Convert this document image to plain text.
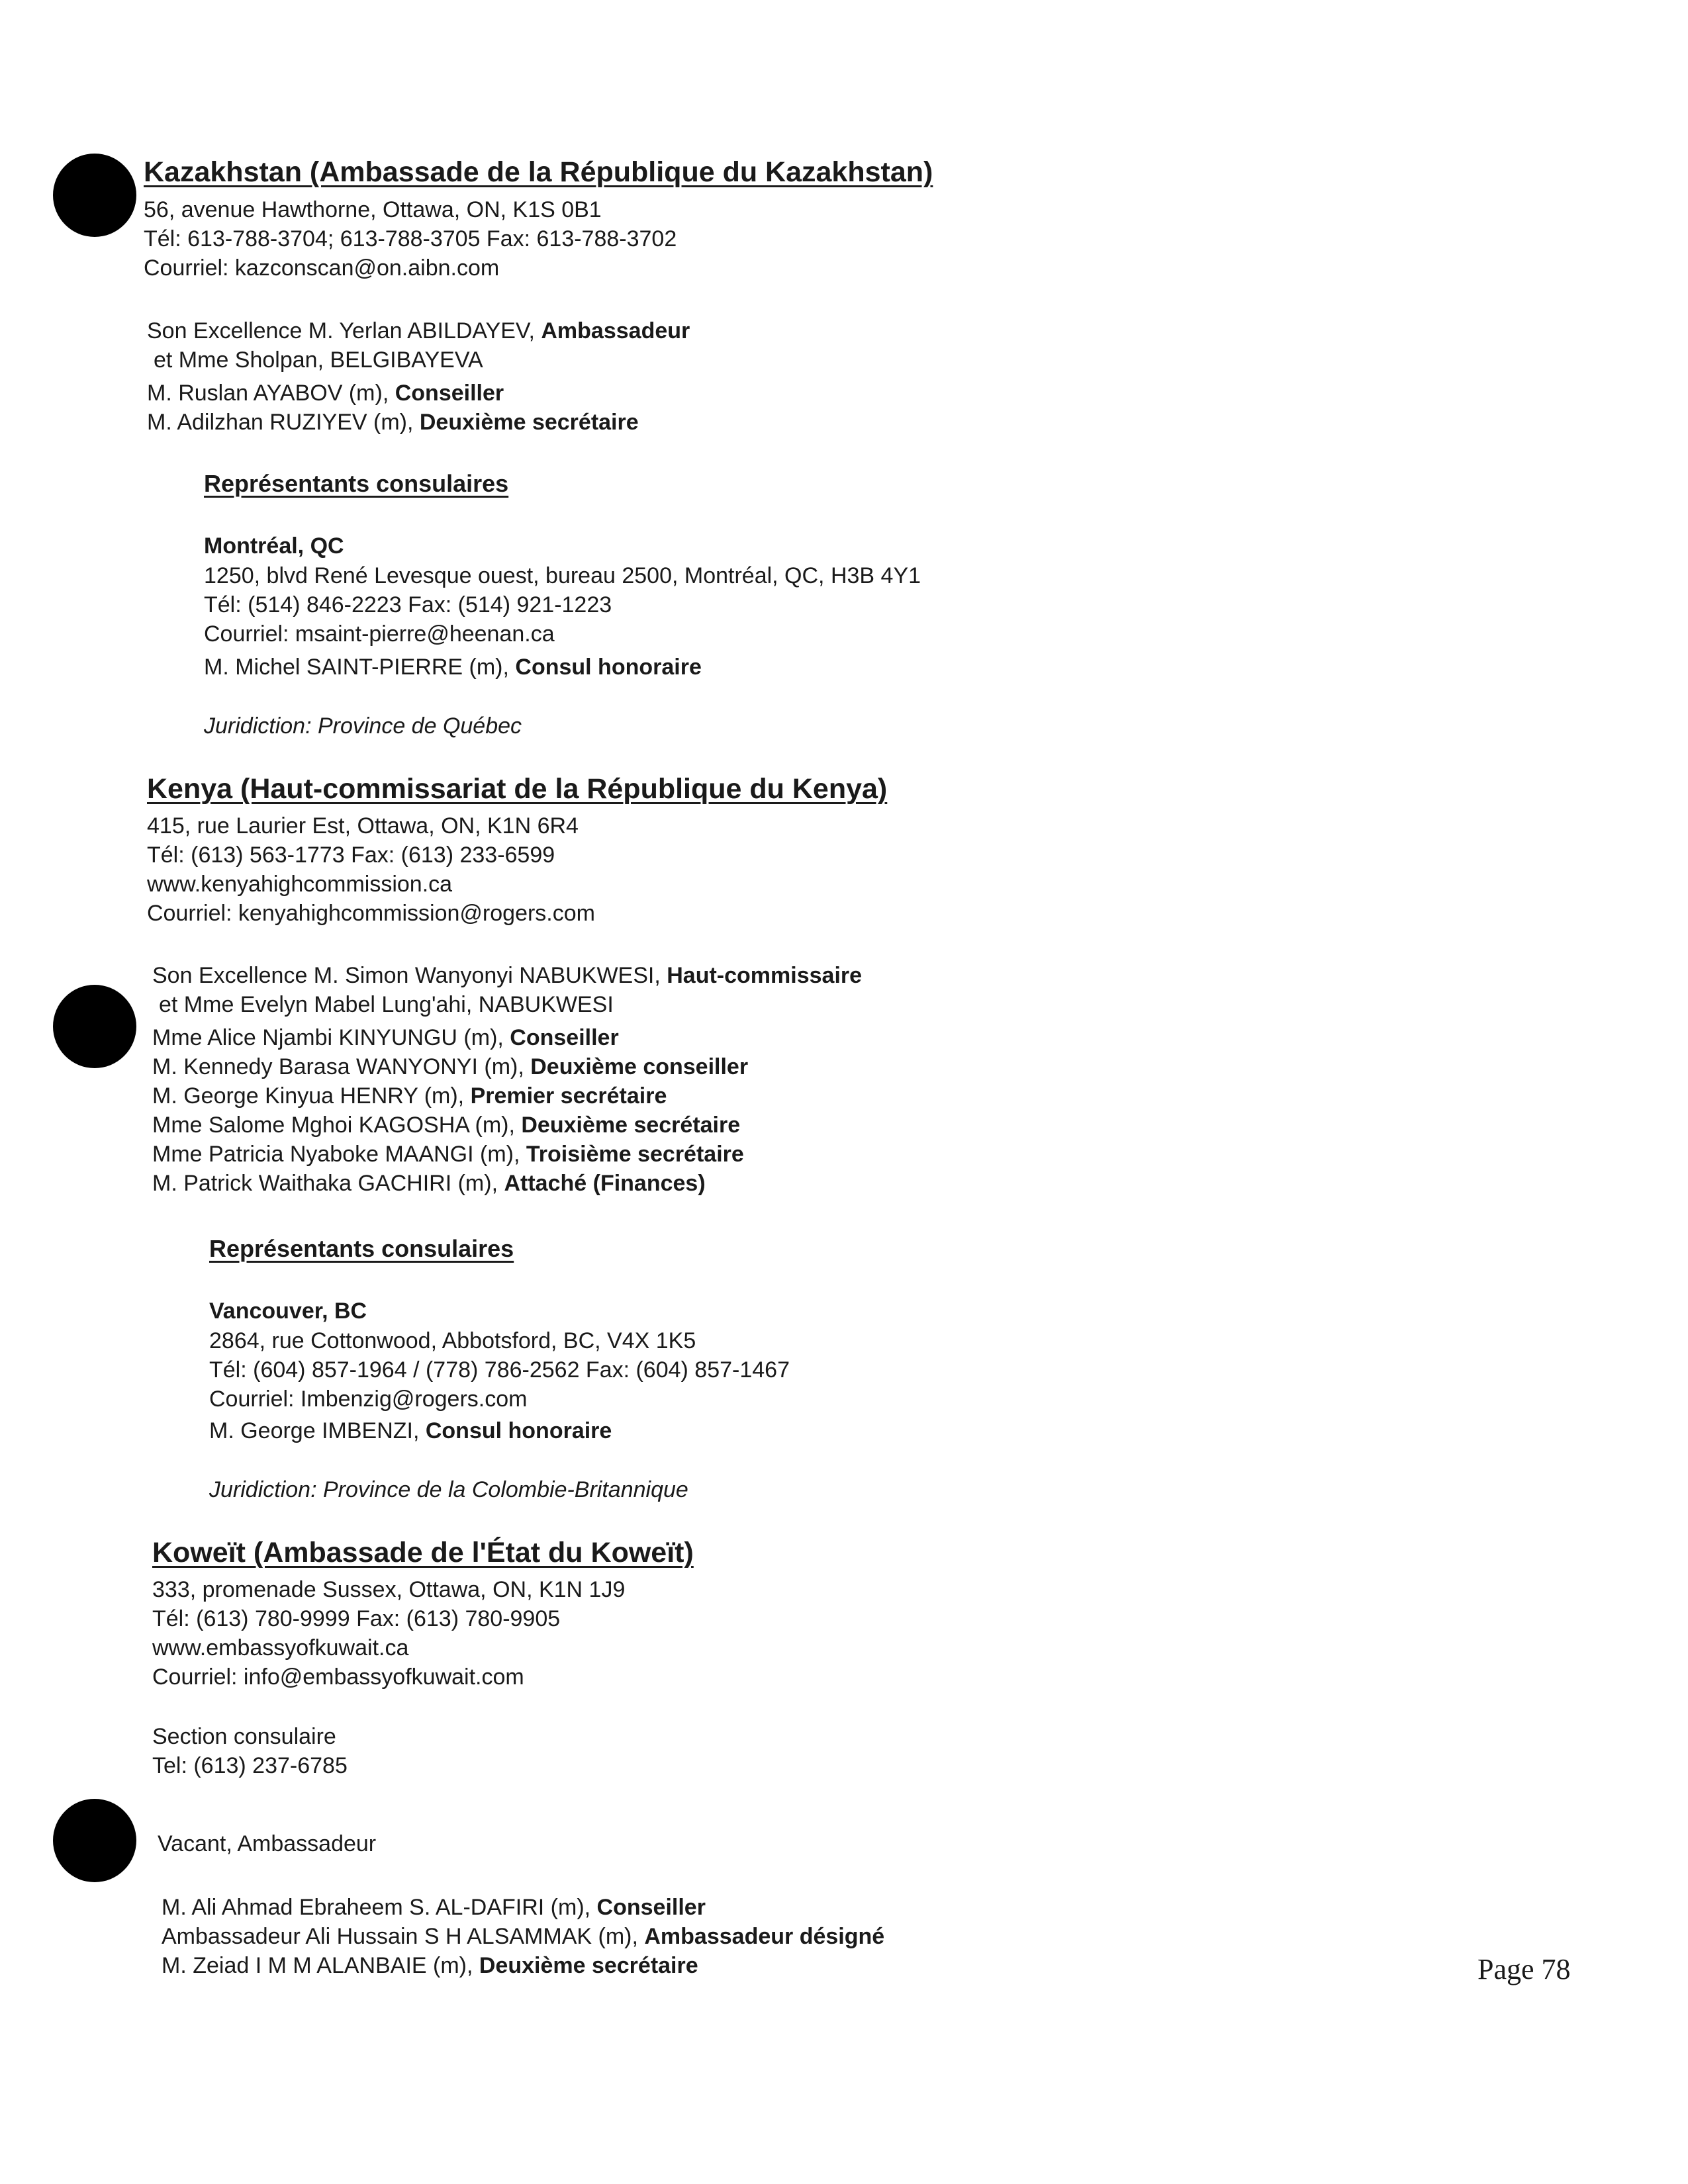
Kazakhstan (Ambassade de la République du Kazakhstan)
56, avenue Hawthorne, Ottawa, ON, K1S 0B1
Tél: 613-788-3704; 613-788-3705 Fax: 613-788-3702
Courriel: kazconscan@on.aibn.com
Son Excellence M. Yerlan ABILDAYEV, Ambassadeur
et Mme Sholpan, BELGIBAYEVA
M. Ruslan AYABOV (m), Conseiller
M. Adilzhan RUZIYEV (m), Deuxième secrétaire
Représentants consulaires
Montréal, QC
1250, blvd René Levesque ouest, bureau 2500, Montréal, QC, H3B 4Y1
Tél: (514) 846-2223 Fax: (514) 921-1223
Courriel: msaint-pierre@heenan.ca
M. Michel SAINT-PIERRE (m), Consul honoraire
Juridiction: Province de Québec
Kenya (Haut-commissariat de la République du Kenya)
415, rue Laurier Est, Ottawa, ON, K1N 6R4
Tél: (613) 563-1773 Fax: (613) 233-6599
www.kenyahighcommission.ca
Courriel: kenyahighcommission@rogers.com
Son Excellence M. Simon Wanyonyi NABUKWESI, Haut-commissaire
et Mme Evelyn Mabel Lung'ahi, NABUKWESI
Mme Alice Njambi KINYUNGU (m), Conseiller
M. Kennedy Barasa WANYONYI (m), Deuxième conseiller
M. George Kinyua HENRY (m), Premier secrétaire
Mme Salome Mghoi KAGOSHA (m), Deuxième secrétaire
Mme Patricia Nyaboke MAANGI (m), Troisième secrétaire
M. Patrick Waithaka GACHIRI (m), Attaché (Finances)
Représentants consulaires
Vancouver, BC
2864, rue Cottonwood, Abbotsford, BC, V4X 1K5
Tél: (604) 857-1964 / (778) 786-2562 Fax: (604) 857-1467
Courriel: Imbenzig@rogers.com
M. George IMBENZI, Consul honoraire
Juridiction: Province de la Colombie-Britannique
Koweït (Ambassade de l'État du Koweït)
333, promenade Sussex, Ottawa, ON, K1N 1J9
Tél: (613) 780-9999 Fax: (613) 780-9905
www.embassyofkuwait.ca
Courriel: info@embassyofkuwait.com
Section consulaire
Tel: (613) 237-6785
Vacant, Ambassadeur
M. Ali Ahmad Ebraheem S. AL-DAFIRI (m), Conseiller
Ambassadeur Ali Hussain S H ALSAMMAK (m), Ambassadeur désigné
M. Zeiad I M M ALANBAIE (m), Deuxième secrétaire	Page 78
